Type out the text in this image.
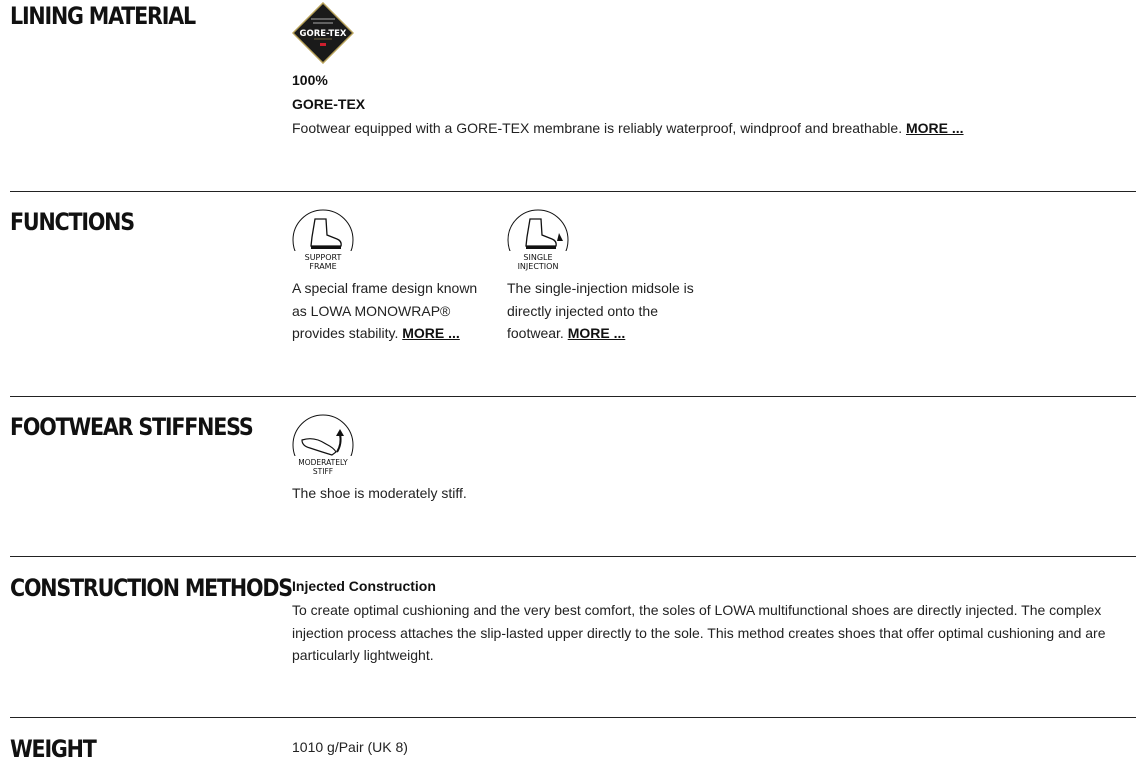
LINING MATERIAL
GORE-TEX
100%
GORE-TEX
Footwear equipped with a GORE-TEX membrane is reliably waterproof, windproof and breathable. MORE ...
FUNCTIONS
SUPPORT
FRAME
A special frame design known as LOWA MONOWRAP® provides stability. MORE ...
SINGLE
INJECTION
The single-injection midsole is directly injected onto the footwear. MORE ...
FOOTWEAR STIFFNESS
MODERATELY
STIFF
The shoe is moderately stiff.
CONSTRUCTION METHODS Injected Construction
To create optimal cushioning and the very best comfort, the soles of LOWA multifunctional shoes are directly injected. The complex injection process attaches the slip-lasted upper directly to the sole. This method creates shoes that offer optimal cushioning and are particularly lightweight.
WEIGHT	1010 g/Pair (UK 8)
